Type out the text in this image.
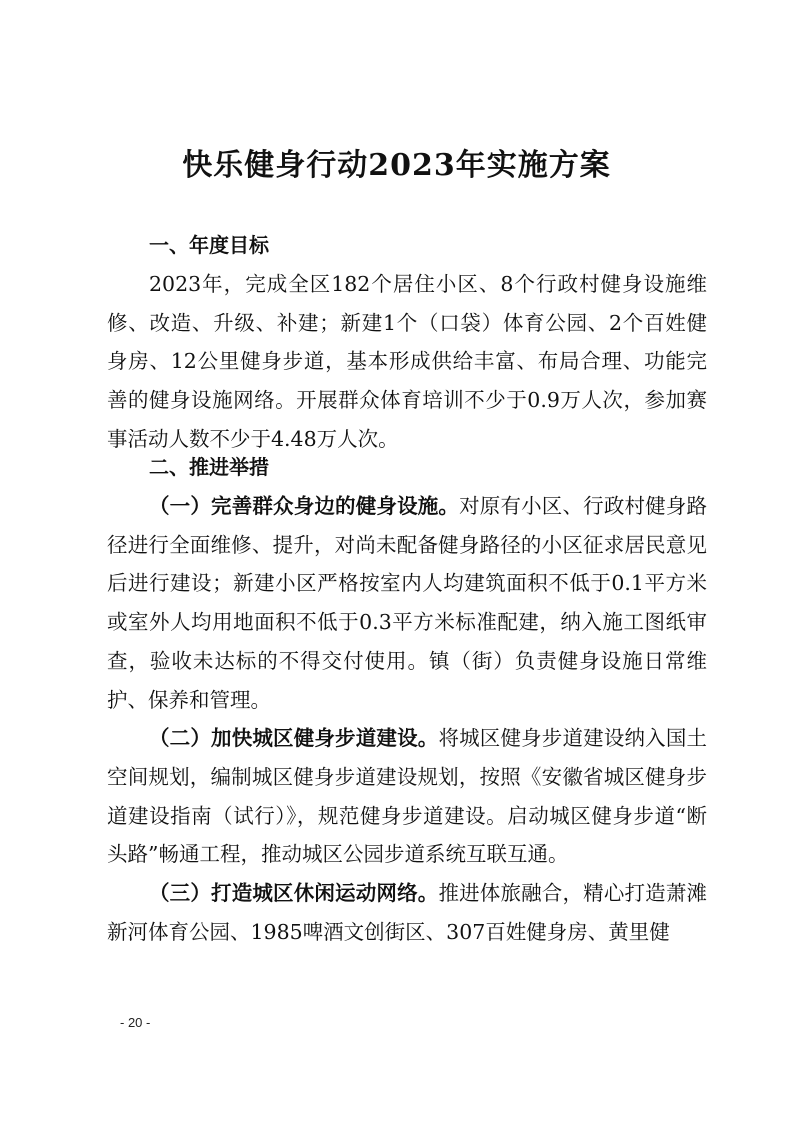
快乐健身行动2023年实施方案
一、年度目标

2023年，完成全区182个居住小区、8个行政村健身设施维修、改造、升级、补建；新建1个（口袋）体育公园、2个百姓健身房、12公里健身步道，基本形成供给丰富、布局合理、功能完善的健身设施网络。开展群众体育培训不少于0.9万人次，参加赛事活动人数不少于4.48万人次。

二、推进举措

（一）完善群众身边的健身设施。对原有小区、行政村健身路径进行全面维修、提升，对尚未配备健身路径的小区征求居民意见后进行建设；新建小区严格按室内人均建筑面积不低于0.1平方米或室外人均用地面积不低于0.3平方米标准配建，纳入施工图纸审查，验收未达标的不得交付使用。镇（街）负责健身设施日常维护、保养和管理。

（二）加快城区健身步道建设。将城区健身步道建设纳入国土空间规划，编制城区健身步道建设规划，按照《安徽省城区健身步道建设指南（试行）》，规范健身步道建设。启动城区健身步道“断头路”畅通工程，推动城区公园步道系统互联互通。

（三）打造城区休闲运动网络。推进体旅融合，精心打造萧滩新河体育公园、1985啤酒文创街区、307百姓健身房、黄里健

- 20 -
